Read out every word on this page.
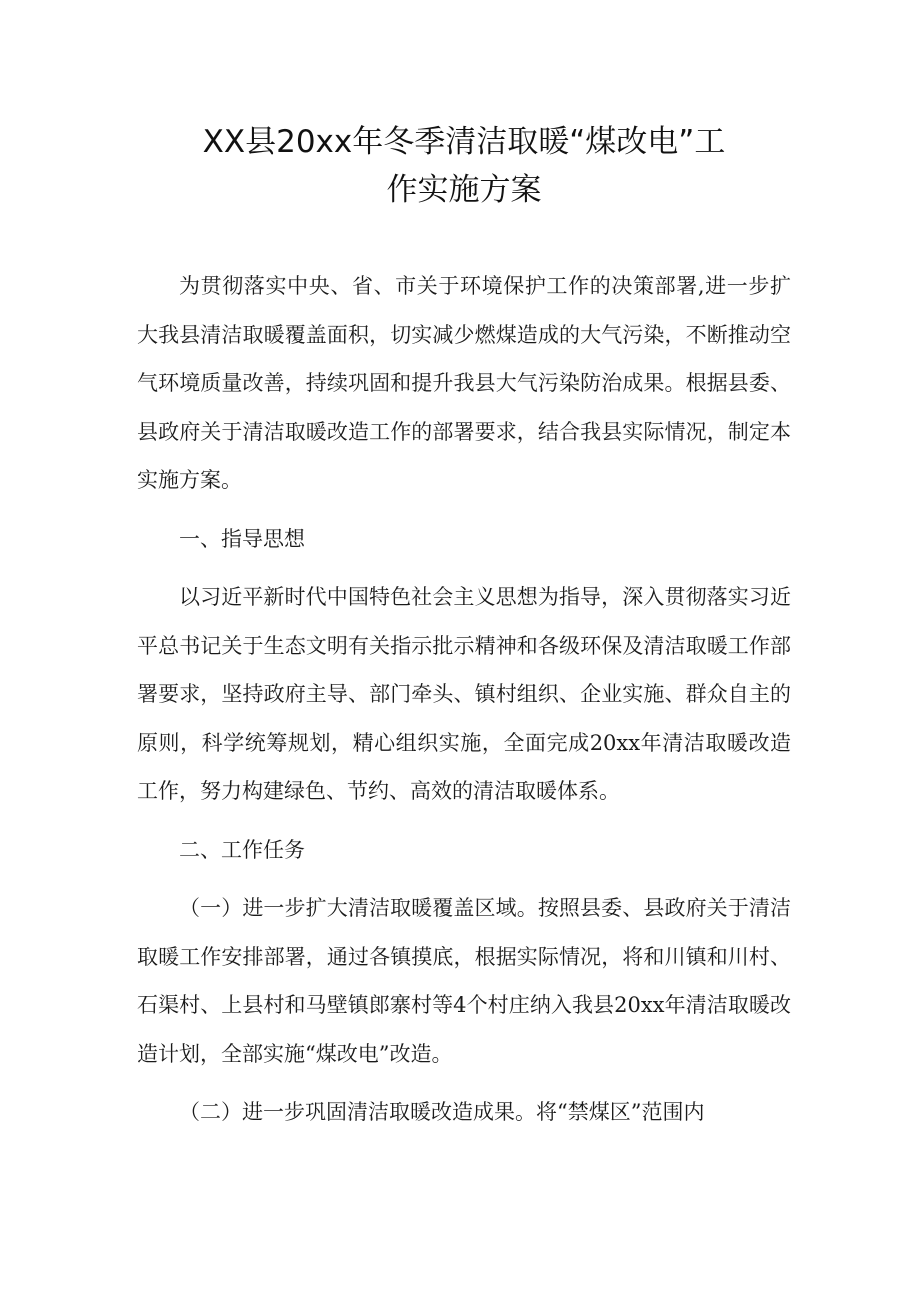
XX县20xx年冬季清洁取暖“煤改电”工
作实施方案

为贯彻落实中央、省、市关于环境保护工作的决策部署,进一步扩大我县清洁取暖覆盖面积，切实减少燃煤造成的大气污染，不断推动空气环境质量改善，持续巩固和提升我县大气污染防治成果。根据县委、县政府关于清洁取暖改造工作的部署要求，结合我县实际情况，制定本实施方案。

一、指导思想

以习近平新时代中国特色社会主义思想为指导，深入贯彻落实习近平总书记关于生态文明有关指示批示精神和各级环保及清洁取暖工作部署要求，坚持政府主导、部门牵头、镇村组织、企业实施、群众自主的原则，科学统筹规划，精心组织实施，全面完成20xx年清洁取暖改造工作，努力构建绿色、节约、高效的清洁取暖体系。

二、工作任务

（一）进一步扩大清洁取暖覆盖区域。按照县委、县政府关于清洁取暖工作安排部署，通过各镇摸底，根据实际情况，将和川镇和川村、石渠村、上县村和马壁镇郎寨村等4个村庄纳入我县20xx年清洁取暖改造计划，全部实施“煤改电”改造。

（二）进一步巩固清洁取暖改造成果。将“禁煤区”范围内
